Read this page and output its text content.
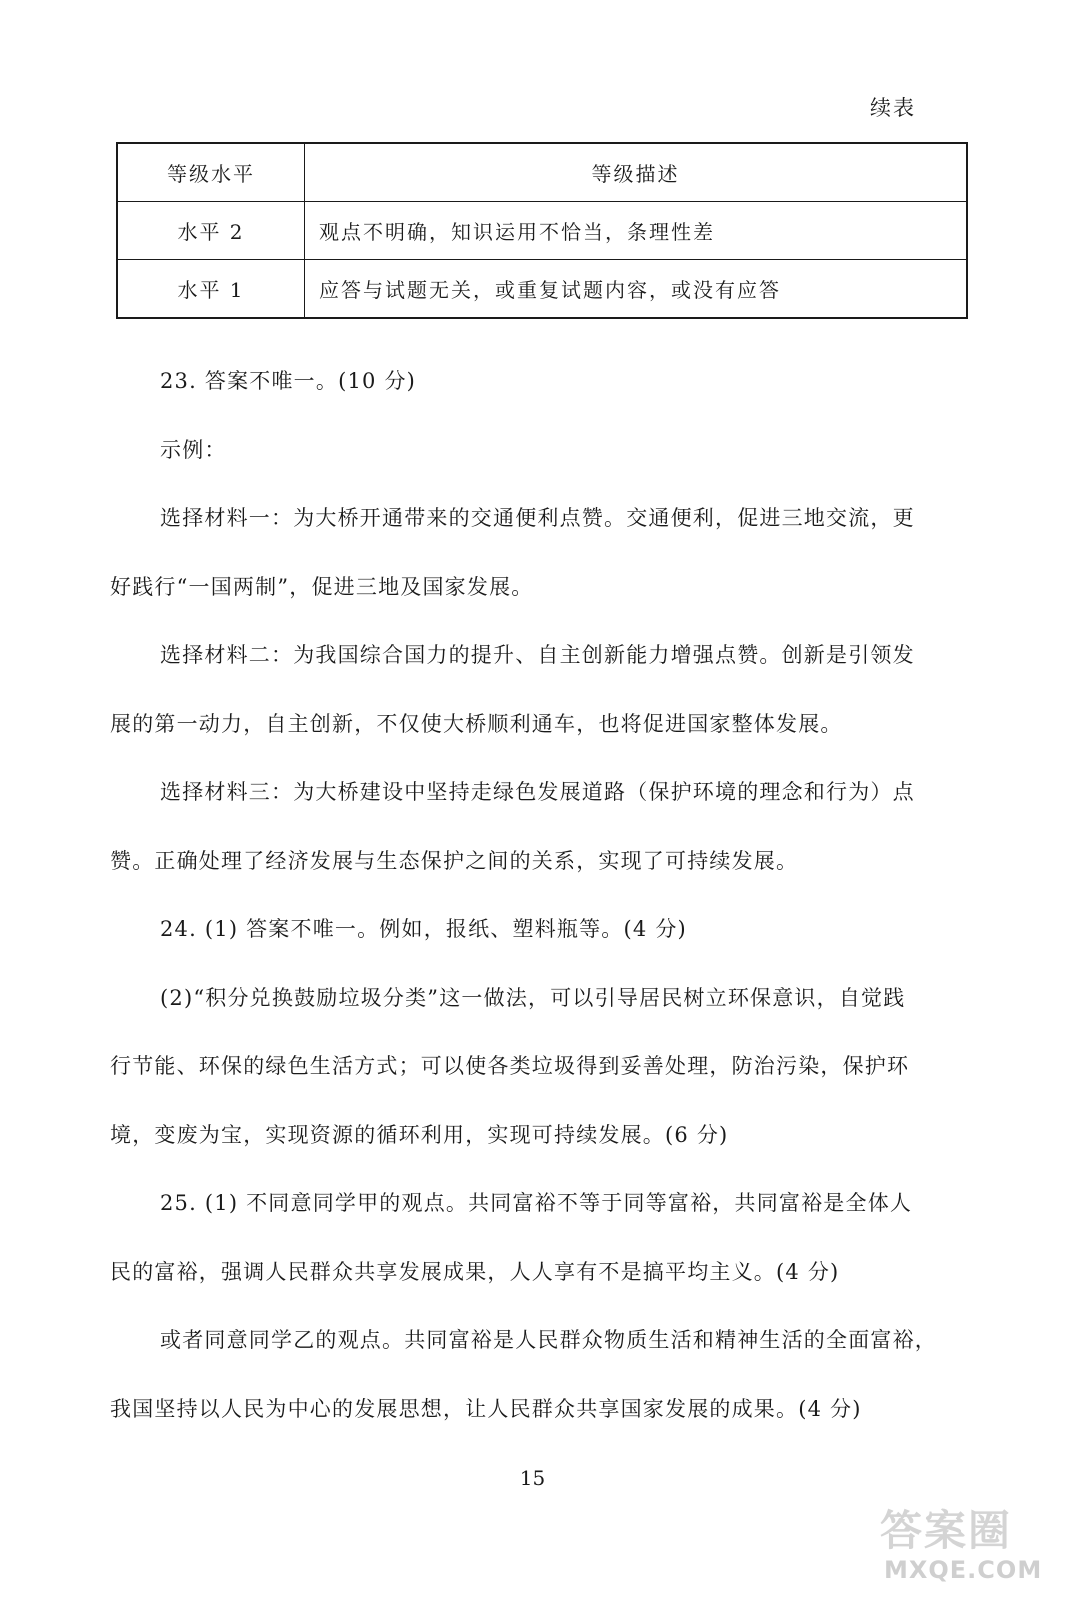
续表
等级水平	等级描述
水平 2	观点不明确，知识运用不恰当，条理性差
水平 1	应答与试题无关，或重复试题内容，或没有应答
23. 答案不唯一。(10 分)
示例：
选择材料一：为大桥开通带来的交通便利点赞。交通便利，促进三地交流，更
好践行“一国两制”，促进三地及国家发展。
选择材料二：为我国综合国力的提升、自主创新能力增强点赞。创新是引领发
展的第一动力，自主创新，不仅使大桥顺利通车，也将促进国家整体发展。
选择材料三：为大桥建设中坚持走绿色发展道路（保护环境的理念和行为）点
赞。正确处理了经济发展与生态保护之间的关系，实现了可持续发展。
24. (1) 答案不唯一。例如，报纸、塑料瓶等。(4 分)
(2)“积分兑换鼓励垃圾分类”这一做法，可以引导居民树立环保意识，自觉践
行节能、环保的绿色生活方式；可以使各类垃圾得到妥善处理，防治污染，保护环
境，变废为宝，实现资源的循环利用，实现可持续发展。(6 分)
25. (1) 不同意同学甲的观点。共同富裕不等于同等富裕，共同富裕是全体人
民的富裕，强调人民群众共享发展成果，人人享有不是搞平均主义。(4 分)
或者同意同学乙的观点。共同富裕是人民群众物质生活和精神生活的全面富裕，
我国坚持以人民为中心的发展思想，让人民群众共享国家发展的成果。(4 分)
15
答案圈
MXQE.COM
